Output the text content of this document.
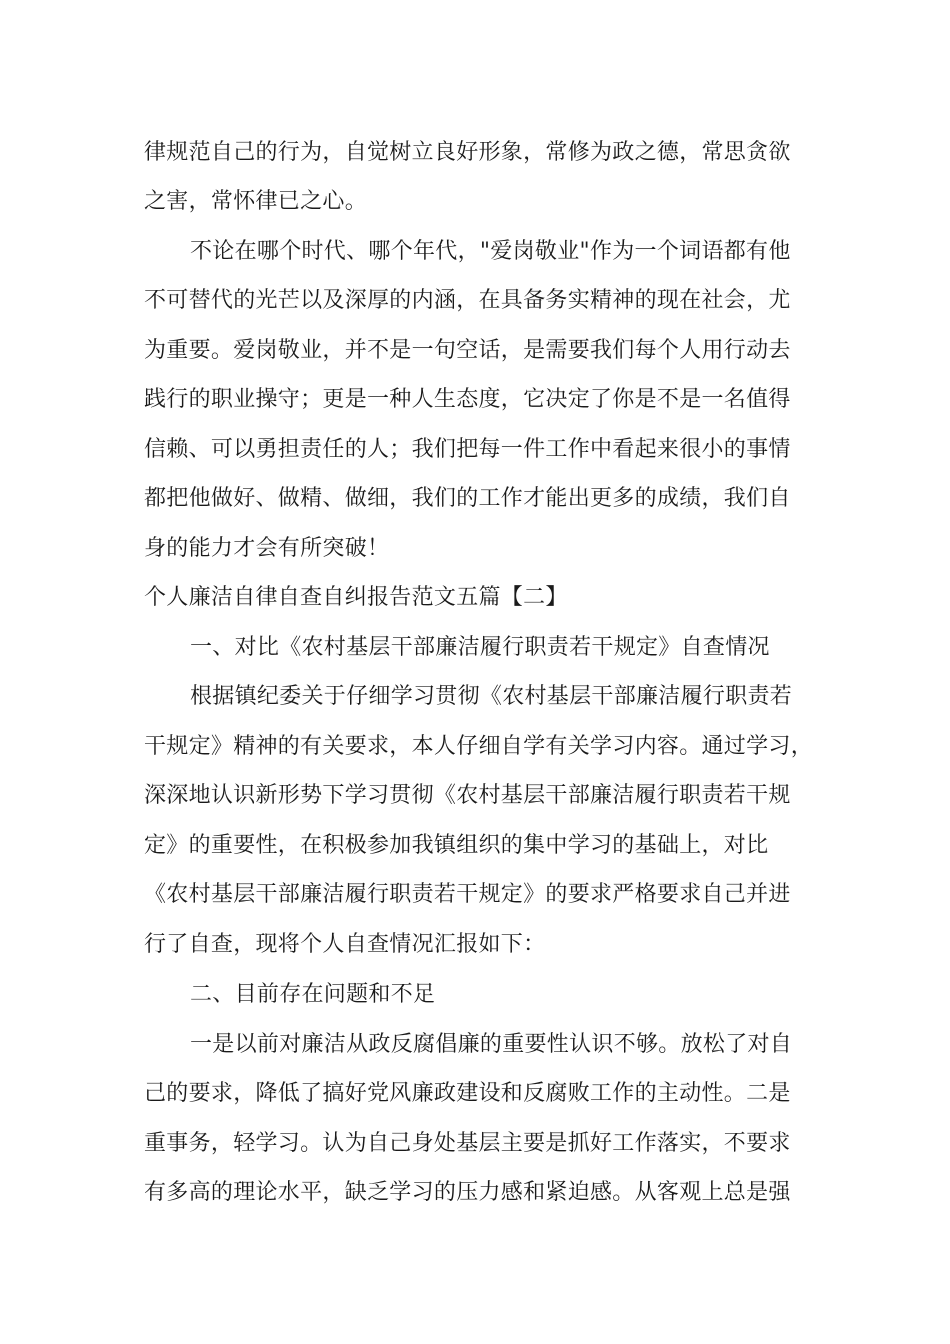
律规范自己的行为，自觉树立良好形象，常修为政之德，常思贪欲
之害，常怀律已之心。
不论在哪个时代、哪个年代，"爱岗敬业"作为一个词语都有他
不可替代的光芒以及深厚的内涵，在具备务实精神的现在社会，尤
为重要。爱岗敬业，并不是一句空话，是需要我们每个人用行动去
践行的职业操守；更是一种人生态度，它决定了你是不是一名值得
信赖、可以勇担责任的人；我们把每一件工作中看起来很小的事情
都把他做好、做精、做细，我们的工作才能出更多的成绩，我们自
身的能力才会有所突破！
个人廉洁自律自查自纠报告范文五篇【二】
一、对比《农村基层干部廉洁履行职责若干规定》自查情况
根据镇纪委关于仔细学习贯彻《农村基层干部廉洁履行职责若
干规定》精神的有关要求，本人仔细自学有关学习内容。通过学习，
深深地认识新形势下学习贯彻《农村基层干部廉洁履行职责若干规
定》的重要性，在积极参加我镇组织的集中学习的基础上，对比
《农村基层干部廉洁履行职责若干规定》的要求严格要求自己并进
行了自查，现将个人自查情况汇报如下：
二、目前存在问题和不足
一是以前对廉洁从政反腐倡廉的重要性认识不够。放松了对自
己的要求，降低了搞好党风廉政建设和反腐败工作的主动性。二是
重事务，轻学习。认为自己身处基层主要是抓好工作落实，不要求
有多高的理论水平，缺乏学习的压力感和紧迫感。从客观上总是强
